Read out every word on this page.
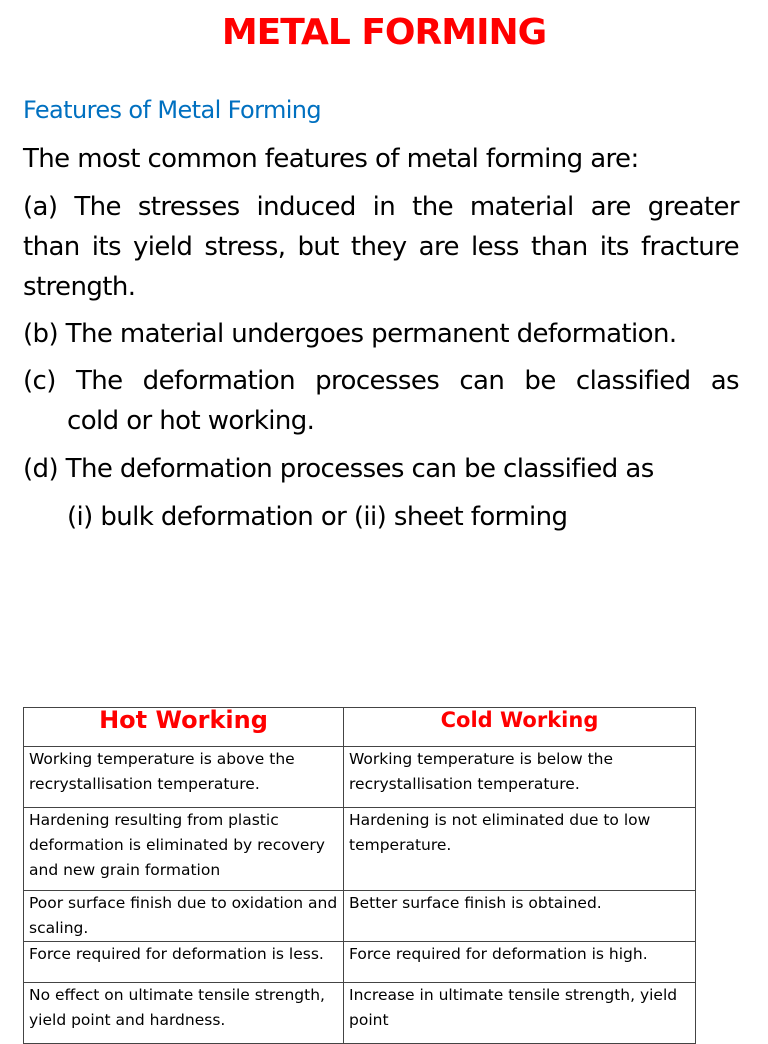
METAL FORMING
Features of Metal Forming
The most common features of metal forming are:
(a) The stresses induced in the material are greater
than its yield stress, but they are less than its fracture
strength.
(b) The material undergoes permanent deformation.
(c) The deformation processes can be classified as
cold or hot working.
(d) The deformation processes can be classified as
(i) bulk deformation or (ii) sheet forming
Hot Working	Cold Working
Working temperature is above the recrystallisation temperature.	Working temperature is below the recrystallisation temperature.
Hardening resulting from plastic deformation is eliminated by recovery and new grain formation	Hardening is not eliminated due to low temperature.
Poor surface finish due to oxidation and scaling.	Better surface finish is obtained.
Force required for deformation is less.	Force required for deformation is high.
No effect on ultimate tensile strength, yield point and hardness.	Increase in ultimate tensile strength, yield point
